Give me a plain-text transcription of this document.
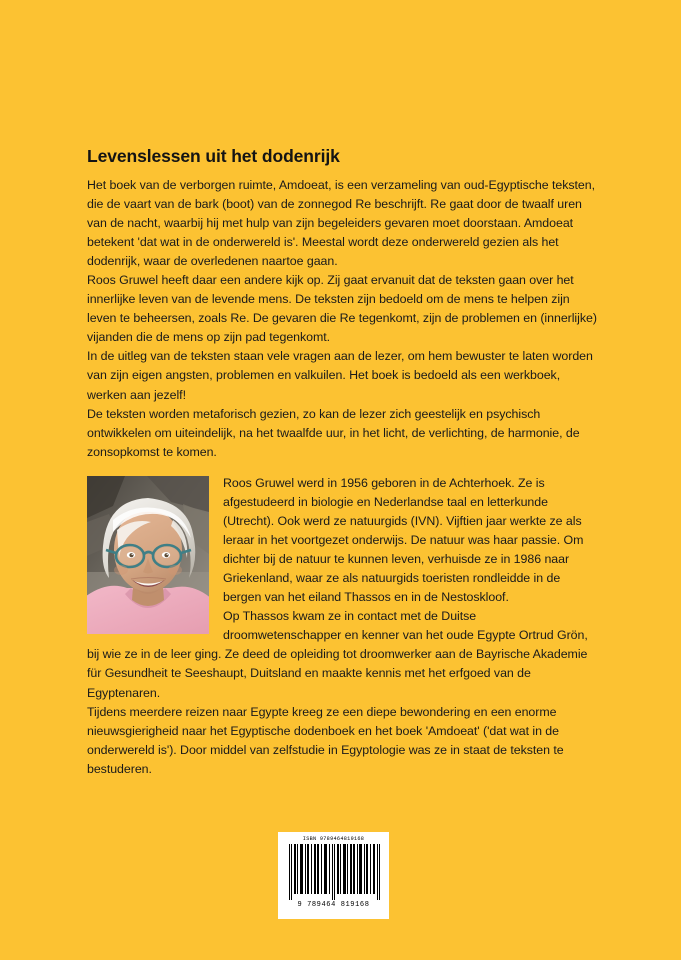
Levenslessen uit het dodenrijk

Het boek van de verborgen ruimte, Amdoeat, is een verzameling van oud-Egyptische teksten, die de vaart van de bark (boot) van de zonnegod Re beschrijft. Re gaat door de twaalf uren van de nacht, waarbij hij met hulp van zijn begeleiders gevaren moet doorstaan. Amdoeat betekent 'dat wat in de onderwereld is'. Meestal wordt deze onderwereld gezien als het dodenrijk, waar de overledenen naartoe gaan.

Roos Gruwel heeft daar een andere kijk op. Zij gaat ervanuit dat de teksten gaan over het innerlijke leven van de levende mens. De teksten zijn bedoeld om de mens te helpen zijn leven te beheersen, zoals Re. De gevaren die Re tegenkomt, zijn de problemen en (innerlijke) vijanden die de mens op zijn pad tegenkomt.

In de uitleg van de teksten staan vele vragen aan de lezer, om hem bewuster te laten worden van zijn eigen angsten, problemen en valkuilen. Het boek is bedoeld als een werkboek, werken aan jezelf!

De teksten worden metaforisch gezien, zo kan de lezer zich geestelijk en psychisch ontwikkelen om uiteindelijk, na het twaalfde uur, in het licht, de verlichting, de harmonie, de zonsopkomst te komen.

Roos Gruwel werd in 1956 geboren in de Achterhoek. Ze is afgestudeerd in biologie en Nederlandse taal en letterkunde (Utrecht). Ook werd ze natuurgids (IVN). Vijftien jaar werkte ze als leraar in het voortgezet onderwijs. De natuur was haar passie. Om dichter bij de natuur te kunnen leven, verhuisde ze in 1986 naar Griekenland, waar ze als natuurgids toeristen rondleidde in de bergen van het eiland Thassos en in de Nestoskloof.

Op Thassos kwam ze in contact met de Duitse droomwetenschapper en kenner van het oude Egypte Ortrud Grön, bij wie ze in de leer ging. Ze deed de opleiding tot droomwerker aan de Bayrische Akademie für Gesundheit te Seeshaupt, Duitsland en maakte kennis met het erfgoed van de Egyptenaren.

Tijdens meerdere reizen naar Egypte kreeg ze een diepe bewondering en een enorme nieuwsgierigheid naar het Egyptische dodenboek en het boek 'Amdoeat' ('dat wat in de onderwereld is'). Door middel van zelfstudie in Egyptologie was ze in staat de teksten te bestuderen.

ISBN 9789464819168
9 789464 819168
